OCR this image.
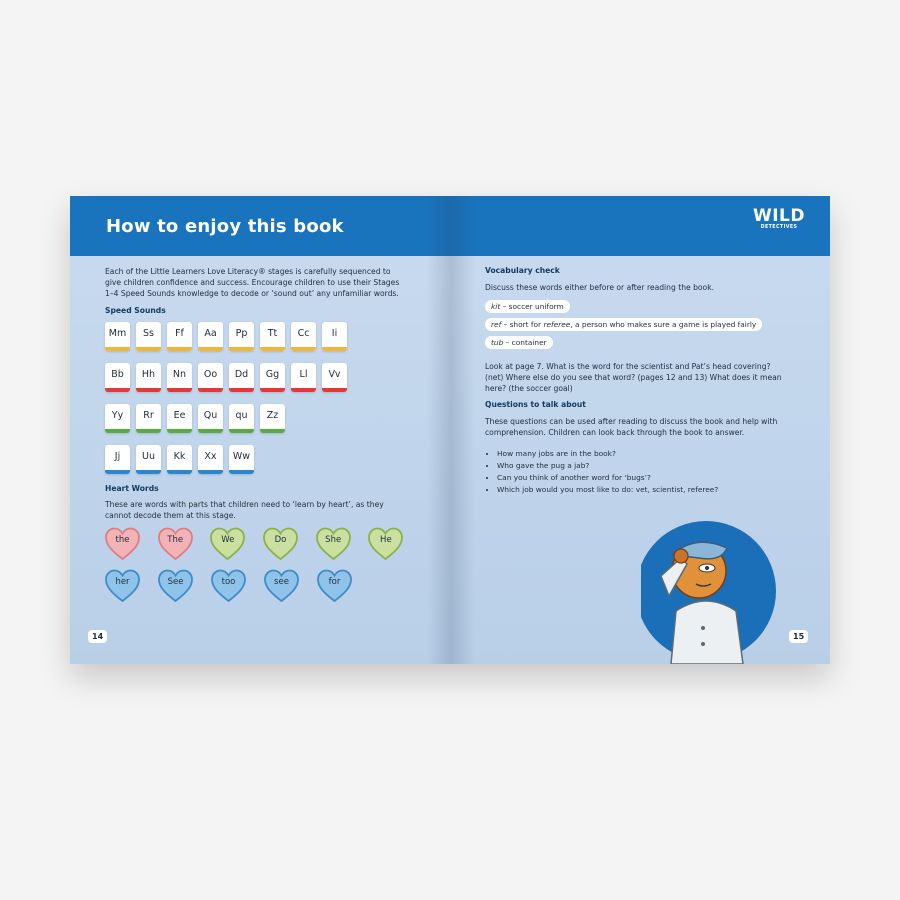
How to enjoy this book
Each of the Little Learners Love Literacy® stages is carefully sequenced to
give children confidence and success. Encourage children to use their Stages
1–4 Speed Sounds knowledge to decode or ‘sound out’ any unfamiliar words.
Speed Sounds
Mm	Ss	Ff	Aa	Pp	Tt	Cc	Ii
Bb	Hh	Nn	Oo	Dd	Gg	Ll	Vv
Yy	Rr	Ee	Qu	qu	Zz
Jj	Uu	Kk	Xx	Ww
Heart Words
These are words with parts that children need to ‘learn by heart’, as they
cannot decode them at this stage.
the	The	We	Do	She	He
her	See	too	see	for
14
WILD
DETECTIVES
Vocabulary check
Discuss these words either before or after reading the book.
kit – soccer uniform
ref – short for referee, a person who makes sure a game is played fairly
tub – container
Look at page 7. What is the word for the scientist and Pat’s head covering?
(net) Where else do you see that word? (pages 12 and 13) What does it mean
here? (the soccer goal)
Questions to talk about
These questions can be used after reading to discuss the book and help with
comprehension. Children can look back through the book to answer.
• How many jobs are in the book?
• Who gave the pug a jab?
• Can you think of another word for ‘bugs’?
• Which job would you most like to do: vet, scientist, referee?
15
